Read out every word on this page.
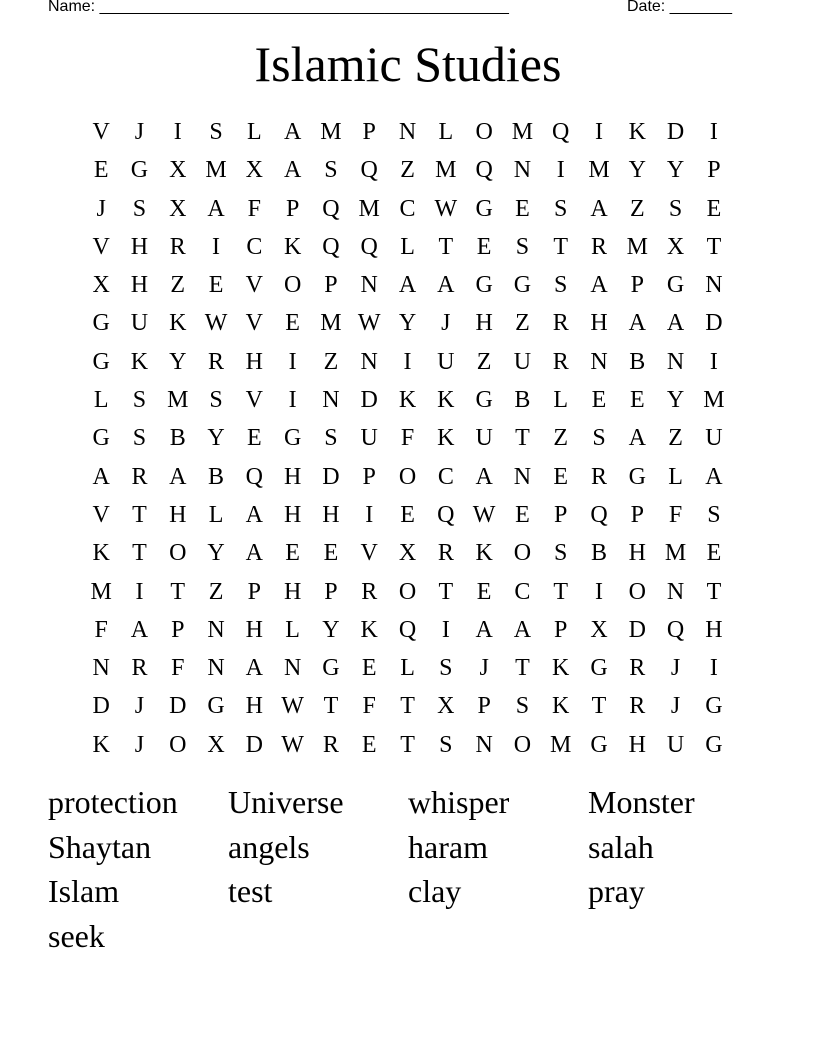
Name: ______________________________________________	Date: _______
Islamic Studies
V	J	I	S	L A M P N L O M Q	I	K D	I
E G X M X A S Q Z M Q N	I M Y Y P
J	S X A F	P Q M C W G E	S A Z	S	E
V H R	I	C K Q Q L T E	S	T R M X T
X H Z E V O P N A A G G S A P G N
G U K W V E M W Y	J	H Z R H A A D
G K Y R H	I	Z N	I	U Z U R N B N	I
L	S M S V	I	N D K K G B L E E Y M
G S B Y E G S U F K U T Z	S A Z U
A R A B Q H D P O C A N E R G L A
V T H L A H H	I	E Q W E	P Q P	F	S
K T O Y A E E V X R K O S B H M E
M I	T Z	P H P R O T E C T	I	O N T
F A P N H L Y K Q	I	A A P X D Q H
N R F N A N G E L	S	J	T K G R	J	I
D	J	D G H W T	F	T X P	S K T R	J	G
K	J	O X D W R E T	S N O M G H U G
protection	Universe	whisper	Monster
Shaytan	angels	haram	salah
Islam	test	clay	pray
seek
